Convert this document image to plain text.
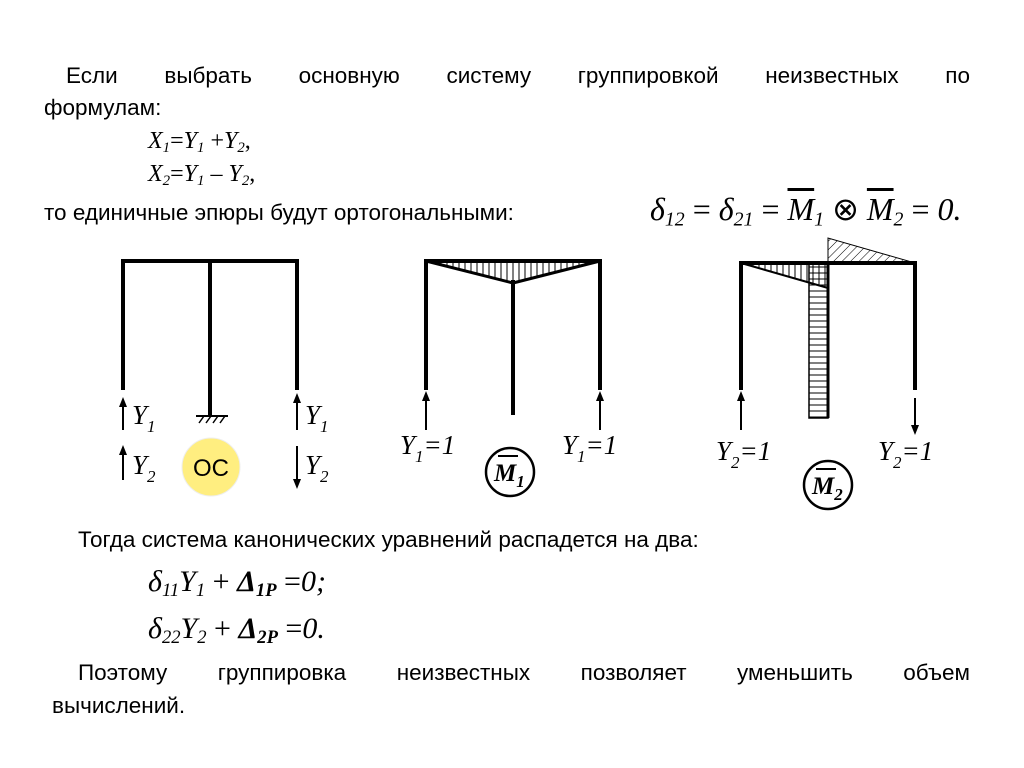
Если выбрать основную систему группировкой неизвестных по

формулам:

$X_1=Y_1 +Y_2$,
$X_2=Y_1 - Y_2$,

то единичные эпюры будут ортогональными:	$\delta_{12} = \delta_{21} = \overline{M}_1$ ⊗ $\overline{M}_2 = 0$.
$Y_1$
$Y_2$
$Y_1$
$Y_2$
ОС
$Y_1=1$	$Y_1=1$
$M_1$
$Y_2=1$	$Y_2=1$
$M_2$

Тогда система канонических уравнений распадется на два:

$\delta_{11}Y_1 + \Delta_{1P} =0$;
$\delta_{22}Y_2 + \Delta_{2P} =0$.

Поэтому группировка неизвестных позволяет уменьшить объем

вычислений.
